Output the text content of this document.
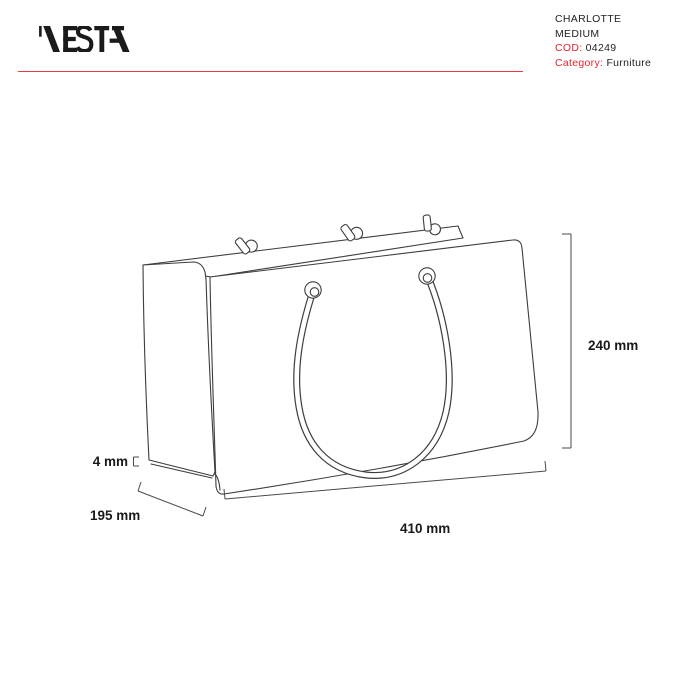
CHARLOTTE
MEDIUM
COD: 04249
Category: Furniture
240 mm
410 mm
195 mm
4 mm
